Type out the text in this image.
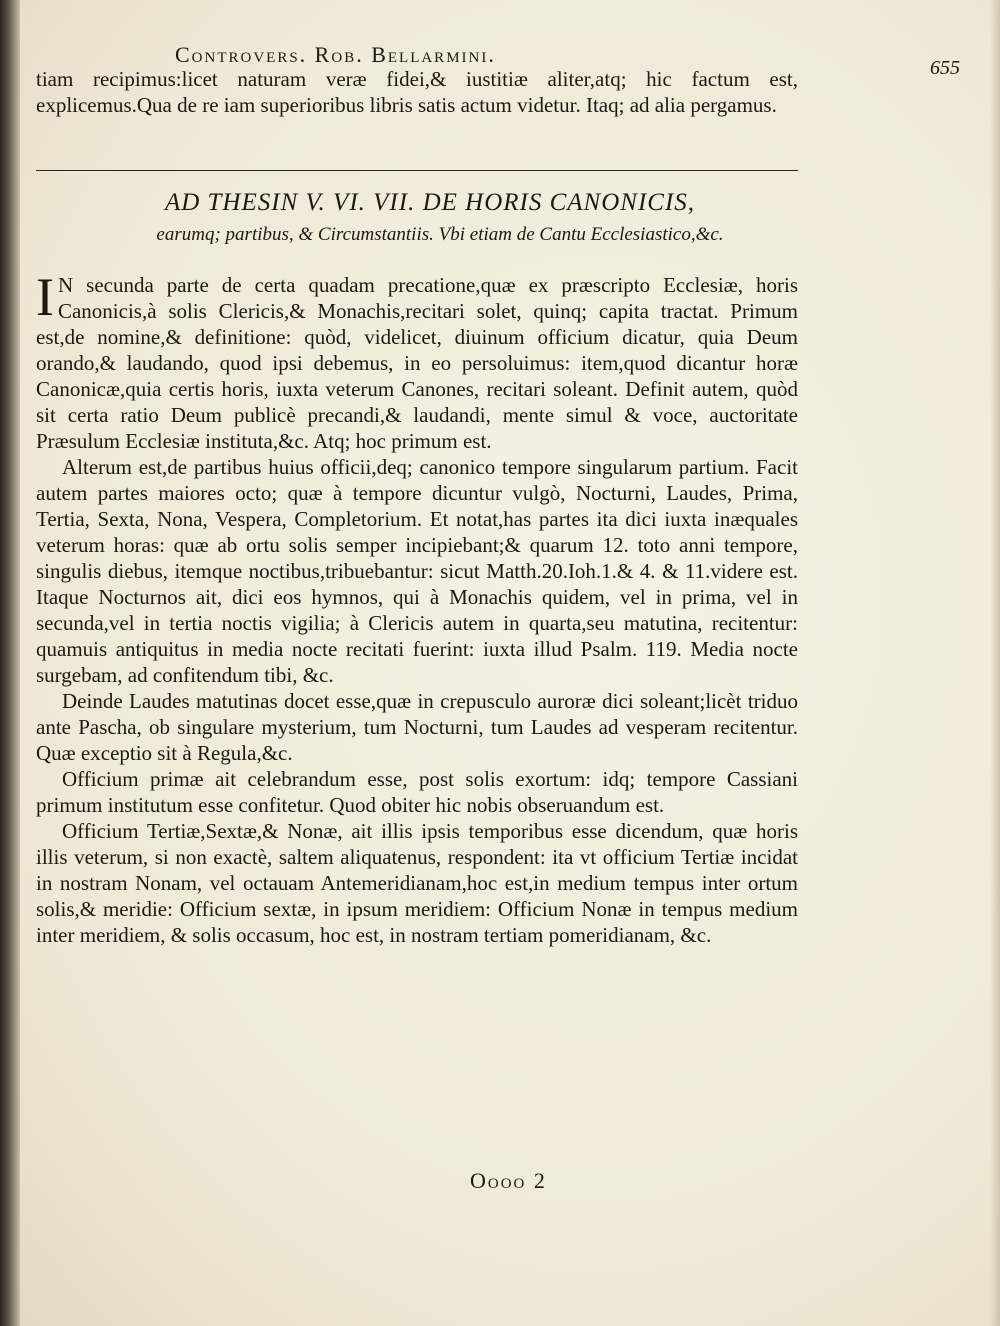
Controvers. Rob. Bellarmini.
655

tiam recipimus:licet naturam veræ fidei,& iustitiæ aliter,atq; hic factum est, explicemus.Qua de re iam superioribus libris satis actum videtur. Itaq; ad alia pergamus.

AD THESIN V. VI. VII. DE HORIS CANONICIS,
earumq; partibus, & Circumstantiis. Vbi etiam de Cantu Ecclesiastico,&c.

I N secunda parte de certa quadam precatione,quæ ex præscripto Ecclesiæ, horis Canonicis,à solis Clericis,& Monachis,recitari solet, quinq; capita tractat. Primum est,de nomine,& definitione: quòd, videlicet, diuinum officium dicatur, quia Deum orando,& laudando, quod ipsi debemus, in eo persoluimus: item,quod dicantur horæ Canonicæ,quia certis horis, iuxta veterum Canones, recitari soleant. Definit autem, quòd sit certa ratio Deum publicè precandi,& laudandi, mente simul & voce, auctoritate Præsulum Ecclesiæ instituta,&c. Atq; hoc primum est.

Alterum est,de partibus huius officii,deq; canonico tempore singularum partium. Facit autem partes maiores octo; quæ à tempore dicuntur vulgò, Nocturni, Laudes, Prima, Tertia, Sexta, Nona, Vespera, Completorium. Et notat,has partes ita dici iuxta inæquales veterum horas: quæ ab ortu solis semper incipiebant;& quarum 12. toto anni tempore, singulis diebus, itemque noctibus,tribuebantur: sicut Matth.20.Ioh.1.& 4. & 11.videre est. Itaque Nocturnos ait, dici eos hymnos, qui à Monachis quidem, vel in prima, vel in secunda,vel in tertia noctis vigilia; à Clericis autem in quarta,seu matutina, recitentur: quamuis antiquitus in media nocte recitati fuerint: iuxta illud Psalm. 119. Media nocte surgebam, ad confitendum tibi, &c.

Deinde Laudes matutinas docet esse,quæ in crepusculo auroræ dici soleant;licèt triduo ante Pascha, ob singulare mysterium, tum Nocturni, tum Laudes ad vesperam recitentur. Quæ exceptio sit à Regula,&c.

Officium primæ ait celebrandum esse, post solis exortum: idq; tempore Cassiani primum institutum esse confitetur. Quod obiter hic nobis obseruandum est.

Officium Tertiæ,Sextæ,& Nonæ, ait illis ipsis temporibus esse dicendum, quæ horis illis veterum, si non exactè, saltem aliquatenus, respondent: ita vt officium Tertiæ incidat in nostram Nonam, vel octauam Antemeridianam,hoc est,in medium tempus inter ortum solis,& meridie: Officium sextæ, in ipsum meridiem: Officium Nonæ in tempus medium inter meridiem, & solis occasum, hoc est, in nostram tertiam pomeridianam, &c.

Oooo 2
